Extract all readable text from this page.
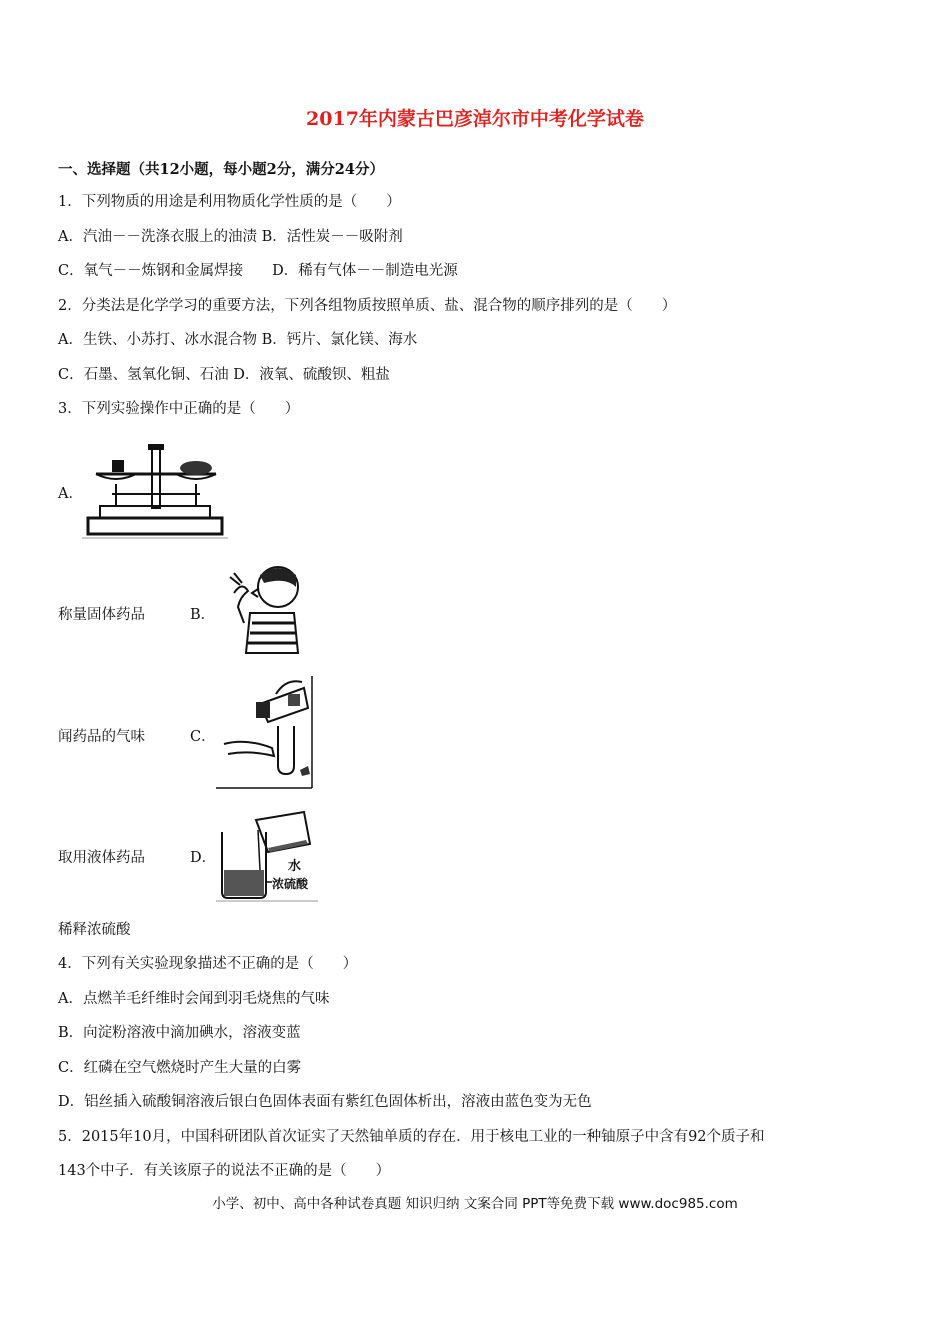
2017年内蒙古巴彦淖尔市中考化学试卷
一、选择题（共12小题，每小题2分，满分24分）
1．下列物质的用途是利用物质化学性质的是（　　）
A．汽油－－洗涤衣服上的油渍 B．活性炭－－吸附剂
C．氧气－－炼钢和金属焊接　　D．稀有气体－－制造电光源
2．分类法是化学学习的重要方法，下列各组物质按照单质、盐、混合物的顺序排列的是（　　）
A．生铁、小苏打、冰水混合物 B．钙片、氯化镁、海水
C．石墨、氢氧化铜、石油 D．液氧、硫酸钡、粗盐
3．下列实验操作中正确的是（　　）
A．
称量固体药品	B．
闻药品的气味	C．
取用液体药品	D．
水
浓硫酸
稀释浓硫酸
4．下列有关实验现象描述不正确的是（　　）
A．点燃羊毛纤维时会闻到羽毛烧焦的气味
B．向淀粉溶液中滴加碘水，溶液变蓝
C．红磷在空气燃烧时产生大量的白雾
D．铝丝插入硫酸铜溶液后银白色固体表面有紫红色固体析出，溶液由蓝色变为无色
5．2015年10月，中国科研团队首次证实了天然铀单质的存在．用于核电工业的一种铀原子中含有92个质子和
143个中子．有关该原子的说法不正确的是（　　）
小学、初中、高中各种试卷真题 知识归纳 文案合同 PPT等免费下载 www.doc985.com
